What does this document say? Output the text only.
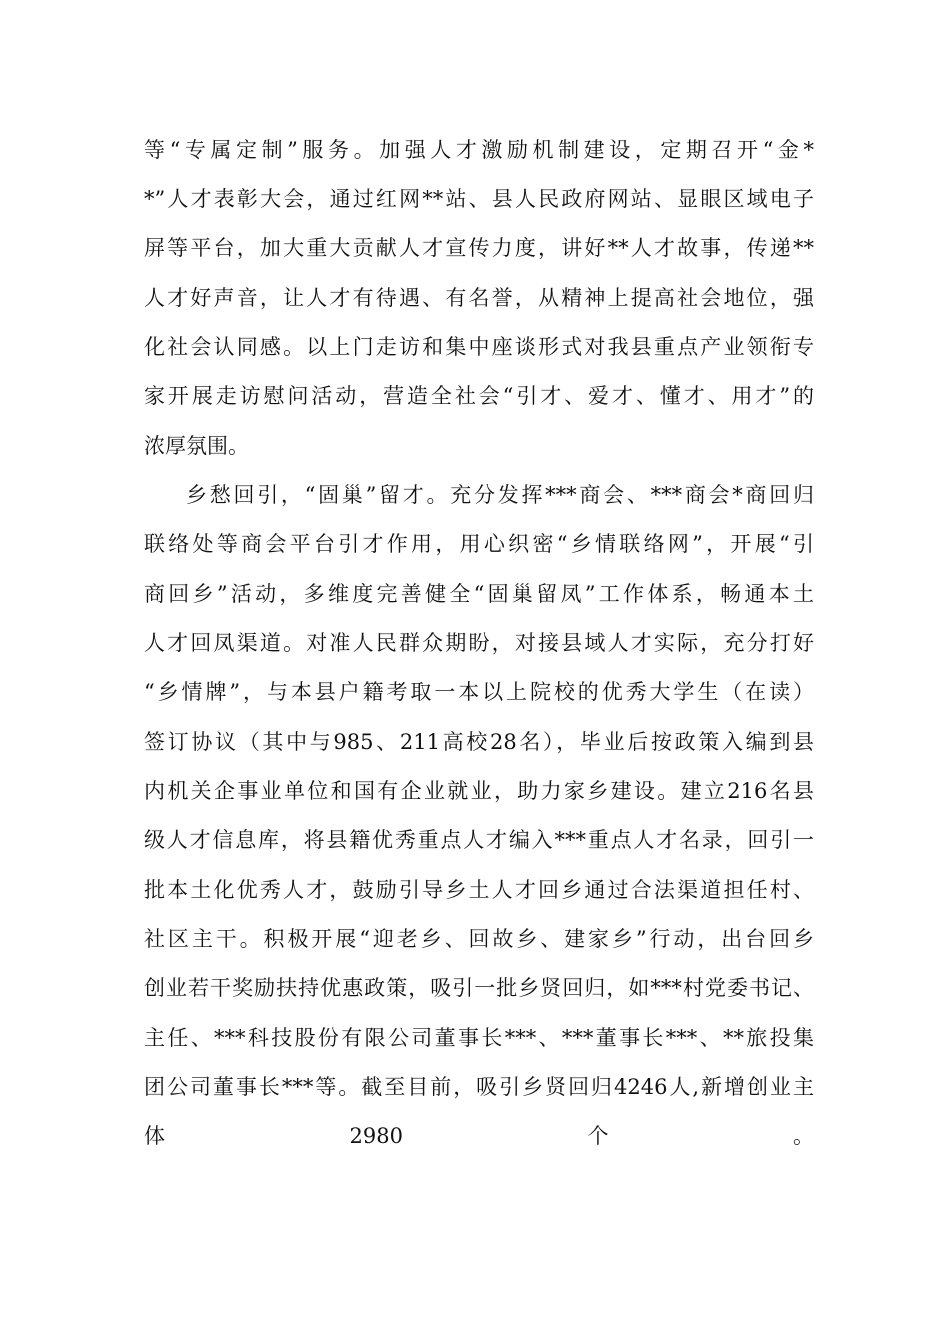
等“专属定制”服务。加强人才激励机制建设，定期召开“金*
*”人才表彰大会，通过红网**站、县人民政府网站、显眼区域电子
屏等平台，加大重大贡献人才宣传力度，讲好**人才故事，传递**
人才好声音，让人才有待遇、有名誉，从精神上提高社会地位，强
化社会认同感。以上门走访和集中座谈形式对我县重点产业领衔专
家开展走访慰问活动，营造全社会“引才、爱才、懂才、用才”的
浓厚氛围。
乡愁回引，“固巢”留才。充分发挥***商会、***商会*商回归
联络处等商会平台引才作用，用心织密“乡情联络网”，开展“引
商回乡”活动，多维度完善健全“固巢留凤”工作体系，畅通本土
人才回凤渠道。对准人民群众期盼，对接县域人才实际，充分打好
“乡情牌”，与本县户籍考取一本以上院校的优秀大学生（在读）
签订协议（其中与985、211高校28名），毕业后按政策入编到县
内机关企事业单位和国有企业就业，助力家乡建设。建立216名县
级人才信息库，将县籍优秀重点人才编入***重点人才名录，回引一
批本土化优秀人才，鼓励引导乡土人才回乡通过合法渠道担任村、
社区主干。积极开展“迎老乡、回故乡、建家乡”行动，出台回乡
创业若干奖励扶持优惠政策，吸引一批乡贤回归，如***村党委书记、
主任、***科技股份有限公司董事长***、***董事长***、**旅投集
团公司董事长***等。截至目前，吸引乡贤回归4246人,新增创业主
体2980个。
